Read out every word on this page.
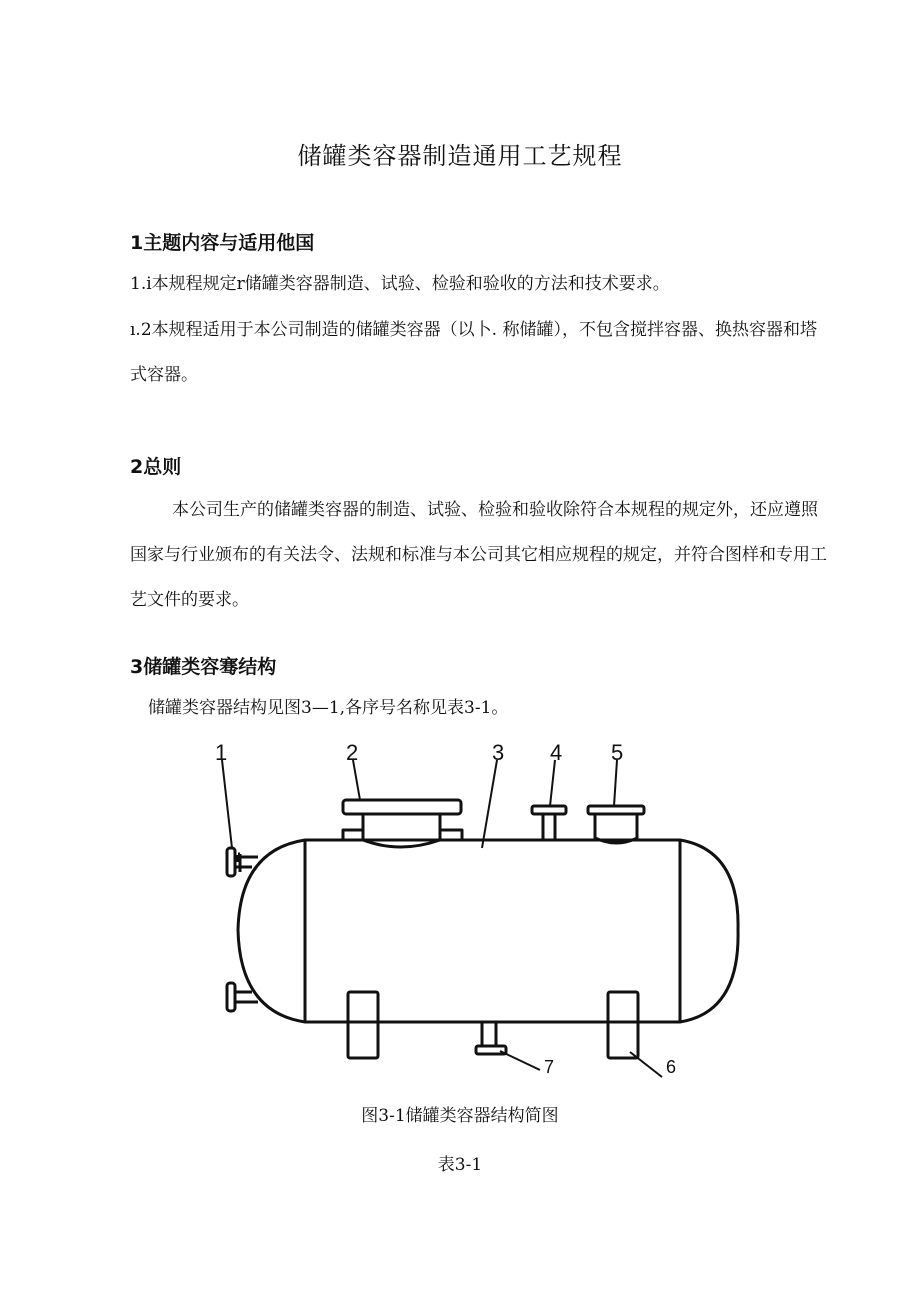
储罐类容器制造通用工艺规程
1主题内容与适用他国
1.i本规程规定r储罐类容器制造、试验、检验和验收的方法和技术要求。
ı.2本规程适用于本公司制造的储罐类容器（以卜. 称储罐），不包含搅拌容器、换热容器和塔式容器。
2总则
本公司生产的储罐类容器的制造、试验、检验和验收除符合本规程的规定外，还应遵照国家与行业颁布的有关法令、法规和标准与本公司其它相应规程的规定，并符合图样和专用工艺文件的要求。
3储罐类容骞结构
储罐类容器结构见图3—1,各序号名称见表3-1。
1	2	3 4 5
6
7
图3-1储罐类容器结构简图
表3-1
